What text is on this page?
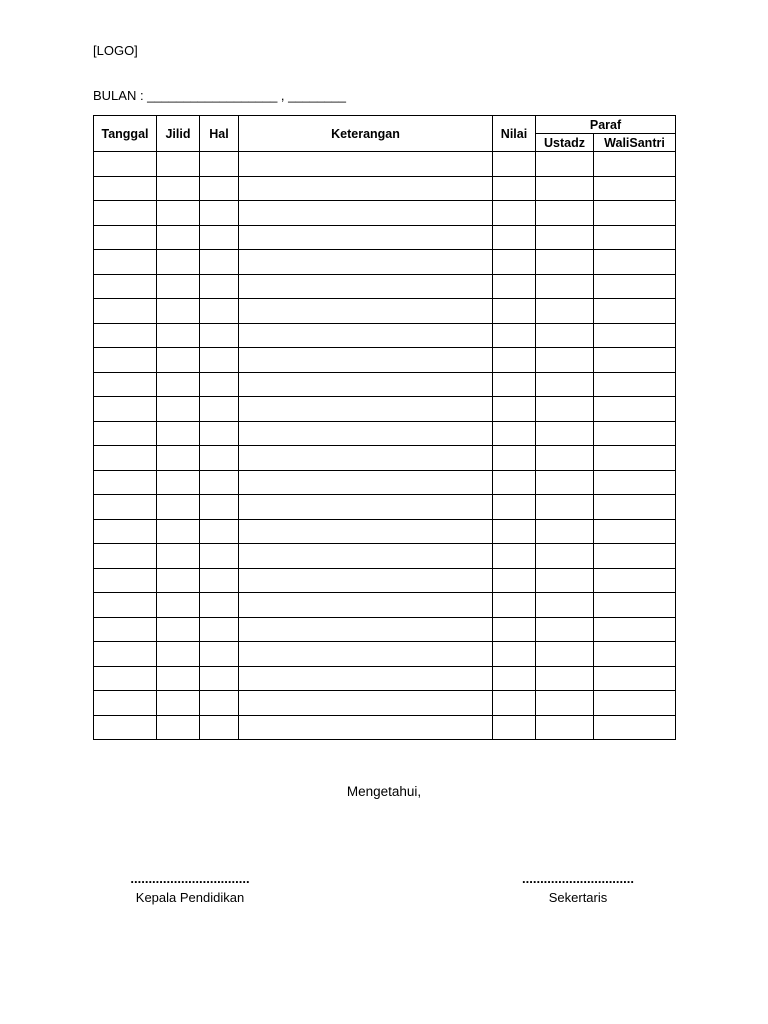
[LOGO]
BULAN : __________________ , ________
Tanggal	Jilid	Hal	Keterangan	Nilai	Paraf	
					Ustadz	WaliSantri

Mengetahui,
.................................
Kepala Pendidikan
...............................
Sekertaris
